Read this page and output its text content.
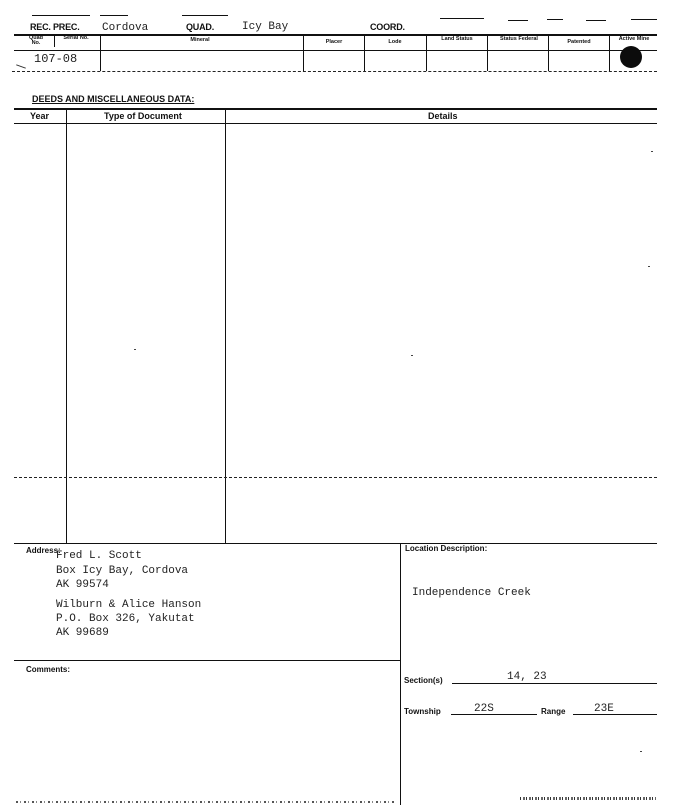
REC. PREC. Cordova	QUAD.	Icy Bay	COORD.
Quad No.
Serial No.	Mineral	Placer	Lode	Land Status	Status Federal	Patented	Active Mine
107-08
DEEDS AND MISCELLANEOUS DATA:
Year	Type of Document	Details
Address:
Fred L. Scott
Box Icy Bay, Cordova
AK 99574
Wilburn & Alice Hanson
P.O. Box 326, Yakutat
AK 99689
Location Description:
Independence Creek
Comments:
Section(s)	14, 23
Township	22S	Range	23E
